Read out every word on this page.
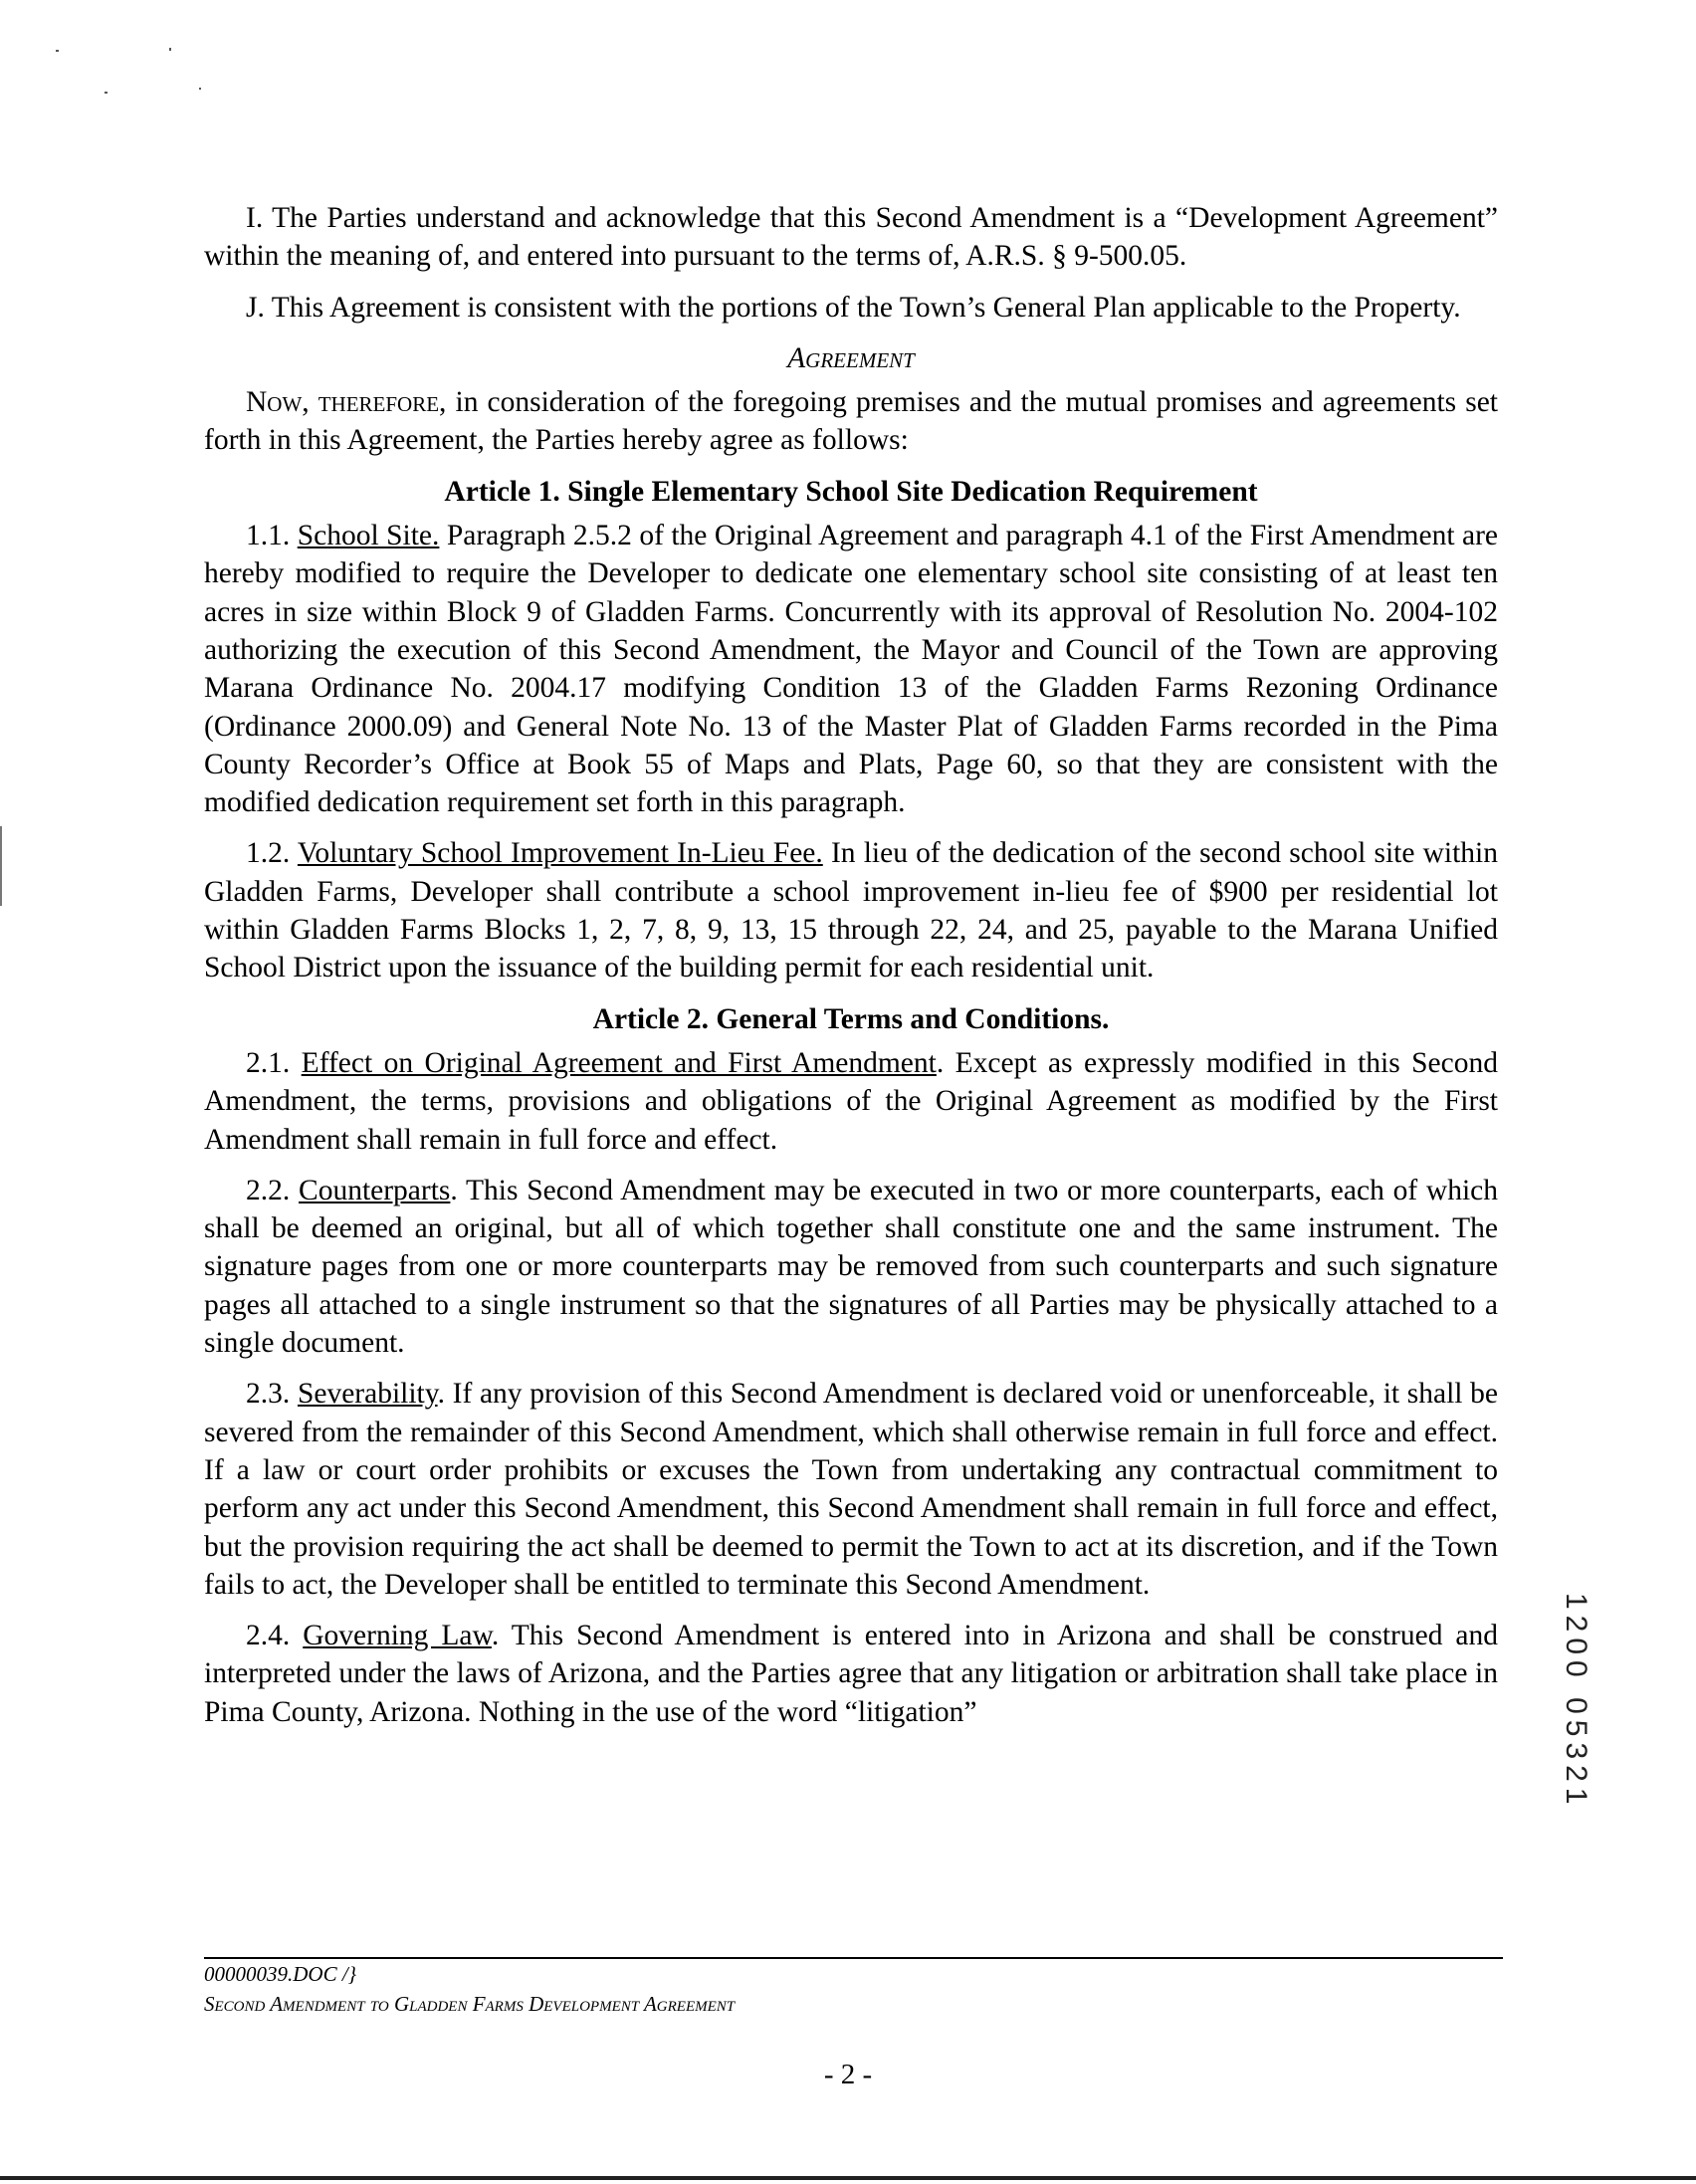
I. The Parties understand and acknowledge that this Second Amendment is a “Development Agreement” within the meaning of, and entered into pursuant to the terms of, A.R.S. § 9-500.05.

J. This Agreement is consistent with the portions of the Town’s General Plan applicable to the Property.

Agreement

Now, therefore, in consideration of the foregoing premises and the mutual promises and agreements set forth in this Agreement, the Parties hereby agree as follows:

Article 1. Single Elementary School Site Dedication Requirement

1.1. School Site. Paragraph 2.5.2 of the Original Agreement and paragraph 4.1 of the First Amendment are hereby modified to require the Developer to dedicate one elementary school site consisting of at least ten acres in size within Block 9 of Gladden Farms. Concurrently with its approval of Resolution No. 2004-102 authorizing the execution of this Second Amendment, the Mayor and Council of the Town are approving Marana Ordinance No. 2004.17 modifying Condition 13 of the Gladden Farms Rezoning Ordinance (Ordinance 2000.09) and General Note No. 13 of the Master Plat of Gladden Farms recorded in the Pima County Recorder’s Office at Book 55 of Maps and Plats, Page 60, so that they are consistent with the modified dedication requirement set forth in this paragraph.

1.2. Voluntary School Improvement In-Lieu Fee. In lieu of the dedication of the second school site within Gladden Farms, Developer shall contribute a school improvement in-lieu fee of $900 per residential lot within Gladden Farms Blocks 1, 2, 7, 8, 9, 13, 15 through 22, 24, and 25, payable to the Marana Unified School District upon the issuance of the building permit for each residential unit.

Article 2. General Terms and Conditions.

2.1. Effect on Original Agreement and First Amendment. Except as expressly modified in this Second Amendment, the terms, provisions and obligations of the Original Agreement as modified by the First Amendment shall remain in full force and effect.

2.2. Counterparts. This Second Amendment may be executed in two or more counterparts, each of which shall be deemed an original, but all of which together shall constitute one and the same instrument. The signature pages from one or more counterparts may be removed from such counterparts and such signature pages all attached to a single instrument so that the signatures of all Parties may be physically attached to a single document.

2.3. Severability. If any provision of this Second Amendment is declared void or unenforceable, it shall be severed from the remainder of this Second Amendment, which shall otherwise remain in full force and effect. If a law or court order prohibits or excuses the Town from undertaking any contractual commitment to perform any act under this Second Amendment, this Second Amendment shall remain in full force and effect, but the provision requiring the act shall be deemed to permit the Town to act at its discretion, and if the Town fails to act, the Developer shall be entitled to terminate this Second Amendment.

2.4. Governing Law. This Second Amendment is entered into in Arizona and shall be construed and interpreted under the laws of Arizona, and the Parties agree that any litigation or arbitration shall take place in Pima County, Arizona. Nothing in the use of the word “litigation”

00000039.DOC /}
Second Amendment to Gladden Farms Development Agreement
- 2 -
1200 05321
